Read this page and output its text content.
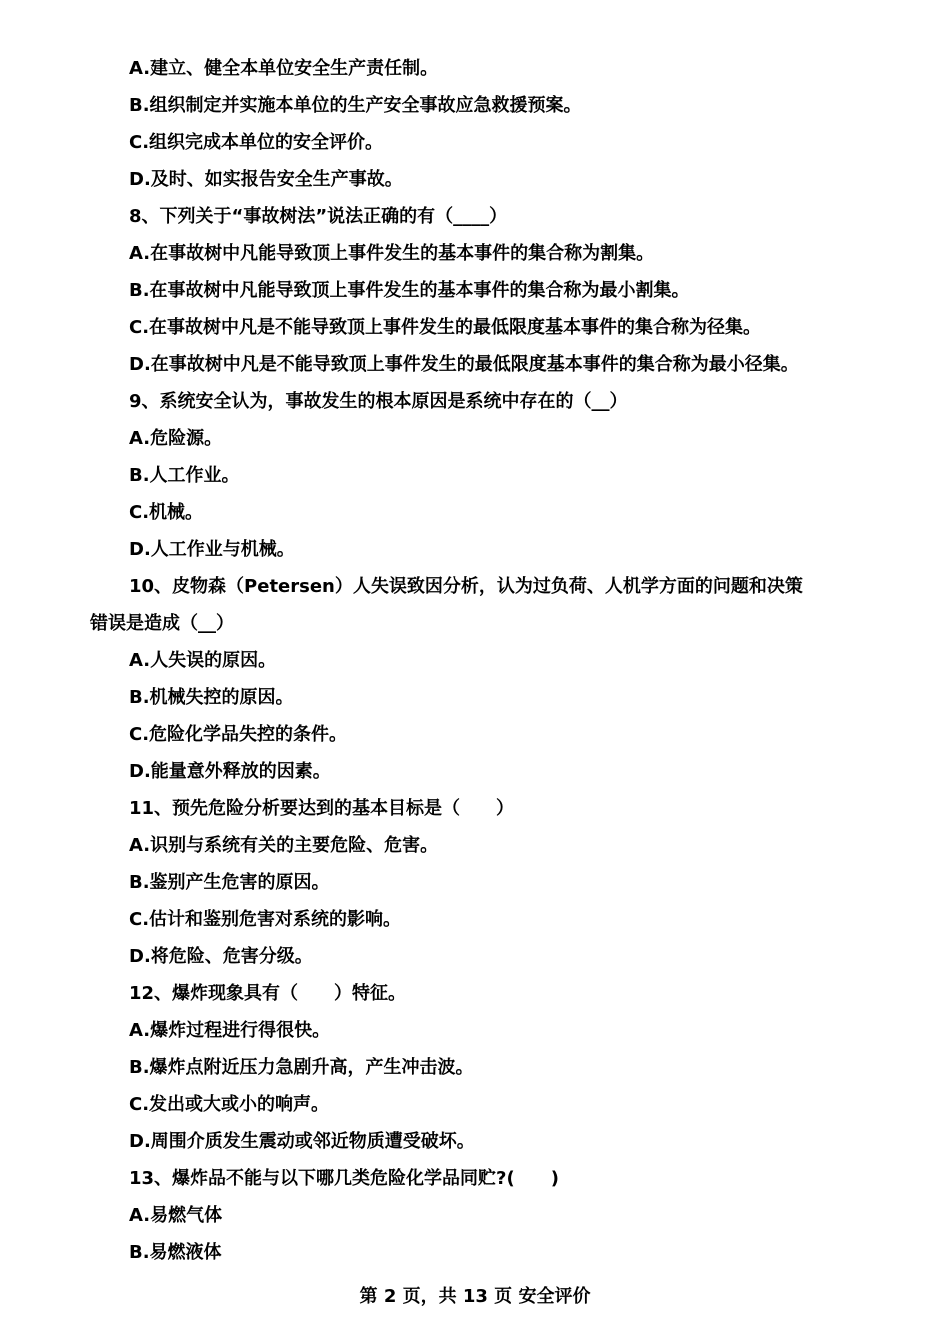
A.建立、健全本单位安全生产责任制。
B.组织制定并实施本单位的生产安全事故应急救援预案。
C.组织完成本单位的安全评价。
D.及时、如实报告安全生产事故。
8、下列关于“事故树法”说法正确的有（____）
A.在事故树中凡能导致顶上事件发生的基本事件的集合称为割集。
B.在事故树中凡能导致顶上事件发生的基本事件的集合称为最小割集。
C.在事故树中凡是不能导致顶上事件发生的最低限度基本事件的集合称为径集。
D.在事故树中凡是不能导致顶上事件发生的最低限度基本事件的集合称为最小径集。
9、系统安全认为，事故发生的根本原因是系统中存在的（__）
A.危险源。
B.人工作业。
C.机械。
D.人工作业与机械。
10、皮物森（Petersen）人失误致因分析，认为过负荷、人机学方面的问题和决策
错误是造成（__）
A.人失误的原因。
B.机械失控的原因。
C.危险化学品失控的条件。
D.能量意外释放的因素。
11、预先危险分析要达到的基本目标是（　　）
A.识别与系统有关的主要危险、危害。
B.鉴别产生危害的原因。
C.估计和鉴别危害对系统的影响。
D.将危险、危害分级。
12、爆炸现象具有（　　）特征。
A.爆炸过程进行得很快。
B.爆炸点附近压力急剧升高，产生冲击波。
C.发出或大或小的响声。
D.周围介质发生震动或邻近物质遭受破坏。
13、爆炸品不能与以下哪几类危险化学品同贮?(　　)
A.易燃气体
B.易燃液体
第 2 页，共 13 页 安全评价
